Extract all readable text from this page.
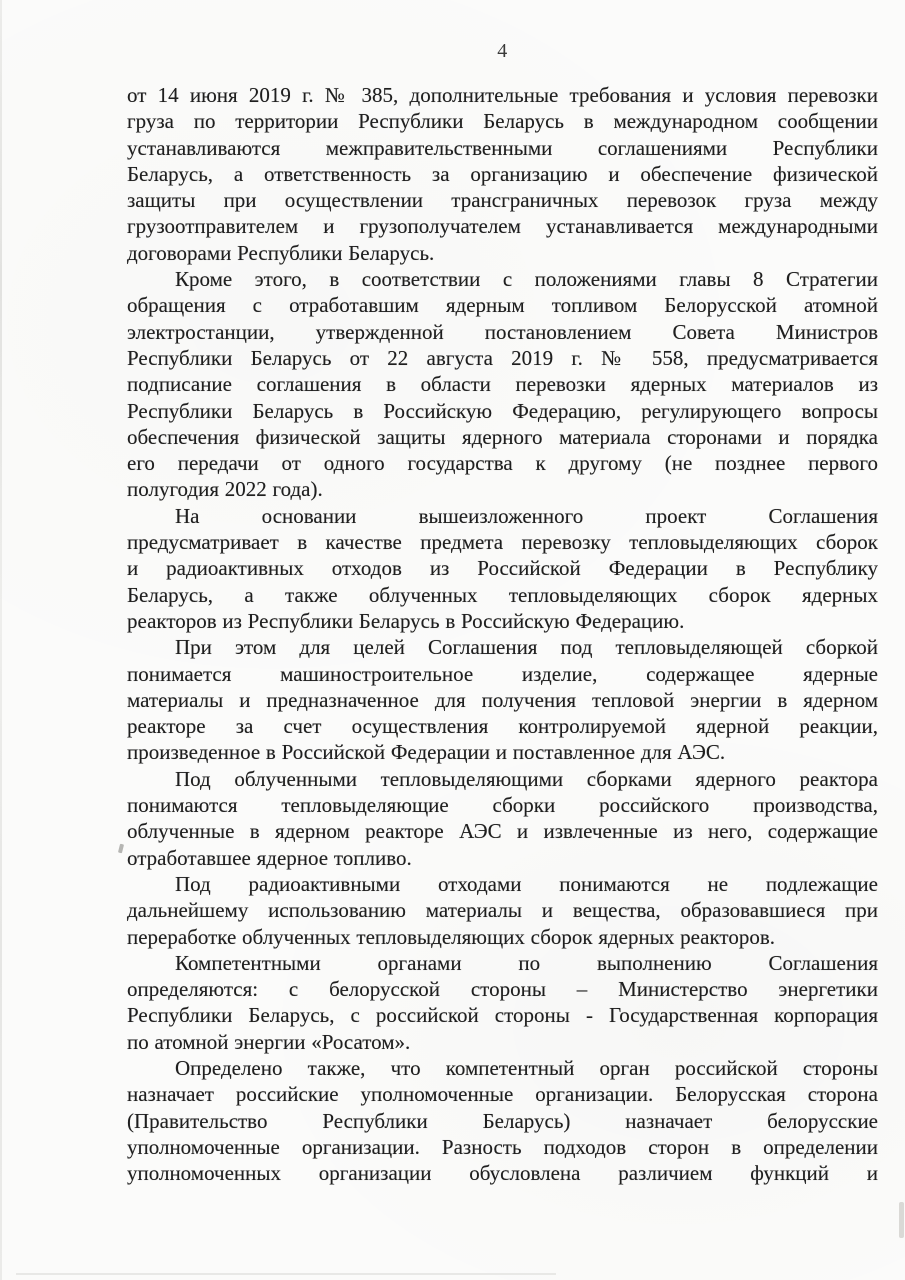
4
от 14 июня 2019 г. № 385, дополнительные требования и условия перевозки
груза по территории Республики Беларусь в международном сообщении
устанавливаются межправительственными соглашениями Республики
Беларусь, а ответственность за организацию и обеспечение физической
защиты при осуществлении трансграничных перевозок груза между
грузоотправителем и грузополучателем устанавливается международными
договорами Республики Беларусь.
Кроме этого, в соответствии с положениями главы 8 Стратегии
обращения с отработавшим ядерным топливом Белорусской атомной
электростанции, утвержденной постановлением Совета Министров
Республики Беларусь от 22 августа 2019 г. № 558, предусматривается
подписание соглашения в области перевозки ядерных материалов из
Республики Беларусь в Российскую Федерацию, регулирующего вопросы
обеспечения физической защиты ядерного материала сторонами и порядка
его передачи от одного государства к другому (не позднее первого
полугодия 2022 года).
На основании вышеизложенного проект Соглашения
предусматривает в качестве предмета перевозку тепловыделяющих сборок
и радиоактивных отходов из Российской Федерации в Республику
Беларусь, а также облученных тепловыделяющих сборок ядерных
реакторов из Республики Беларусь в Российскую Федерацию.
При этом для целей Соглашения под тепловыделяющей сборкой
понимается машиностроительное изделие, содержащее ядерные
материалы и предназначенное для получения тепловой энергии в ядерном
реакторе за счет осуществления контролируемой ядерной реакции,
произведенное в Российской Федерации и поставленное для АЭС.
Под облученными тепловыделяющими сборками ядерного реактора
понимаются тепловыделяющие сборки российского производства,
облученные в ядерном реакторе АЭС и извлеченные из него, содержащие
отработавшее ядерное топливо.
Под радиоактивными отходами понимаются не подлежащие
дальнейшему использованию материалы и вещества, образовавшиеся при
переработке облученных тепловыделяющих сборок ядерных реакторов.
Компетентными органами по выполнению Соглашения
определяются: с белорусской стороны – Министерство энергетики
Республики Беларусь, с российской стороны - Государственная корпорация
по атомной энергии «Росатом».
Определено также, что компетентный орган российской стороны
назначает российские уполномоченные организации. Белорусская сторона
(Правительство Республики Беларусь) назначает белорусские
уполномоченные организации. Разность подходов сторон в определении
уполномоченных организации обусловлена различием функций и
